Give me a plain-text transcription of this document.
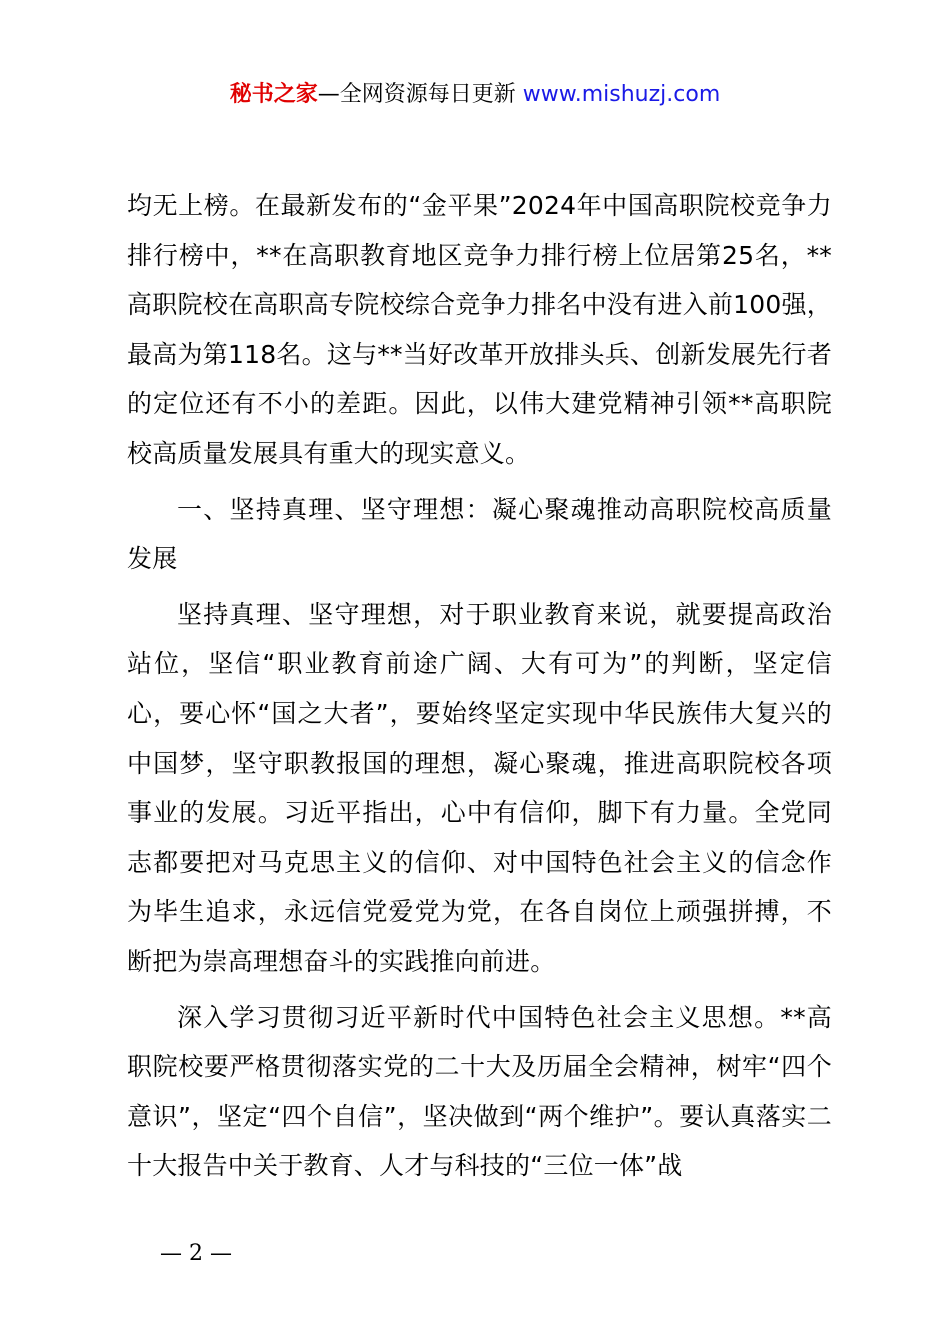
秘书之家—全网资源每日更新 www.mishuzj.com

均无上榜。在最新发布的“金平果”2024年中国高职院校竞争力排行榜中，**在高职教育地区竞争力排行榜上位居第25名，**高职院校在高职高专院校综合竞争力排名中没有进入前100强，最高为第118名。这与**当好改革开放排头兵、创新发展先行者的定位还有不小的差距。因此，以伟大建党精神引领**高职院校高质量发展具有重大的现实意义。

一、坚持真理、坚守理想：凝心聚魂推动高职院校高质量发展

坚持真理、坚守理想，对于职业教育来说，就要提高政治站位，坚信“职业教育前途广阔、大有可为”的判断，坚定信心，要心怀“国之大者”，要始终坚定实现中华民族伟大复兴的中国梦，坚守职教报国的理想，凝心聚魂，推进高职院校各项事业的发展。习近平指出，心中有信仰，脚下有力量。全党同志都要把对马克思主义的信仰、对中国特色社会主义的信念作为毕生追求，永远信党爱党为党，在各自岗位上顽强拼搏，不断把为崇高理想奋斗的实践推向前进。

深入学习贯彻习近平新时代中国特色社会主义思想。**高职院校要严格贯彻落实党的二十大及历届全会精神，树牢“四个意识”，坚定“四个自信”，坚决做到“两个维护”。要认真落实二十大报告中关于教育、人才与科技的“三位一体”战

— 2 —
